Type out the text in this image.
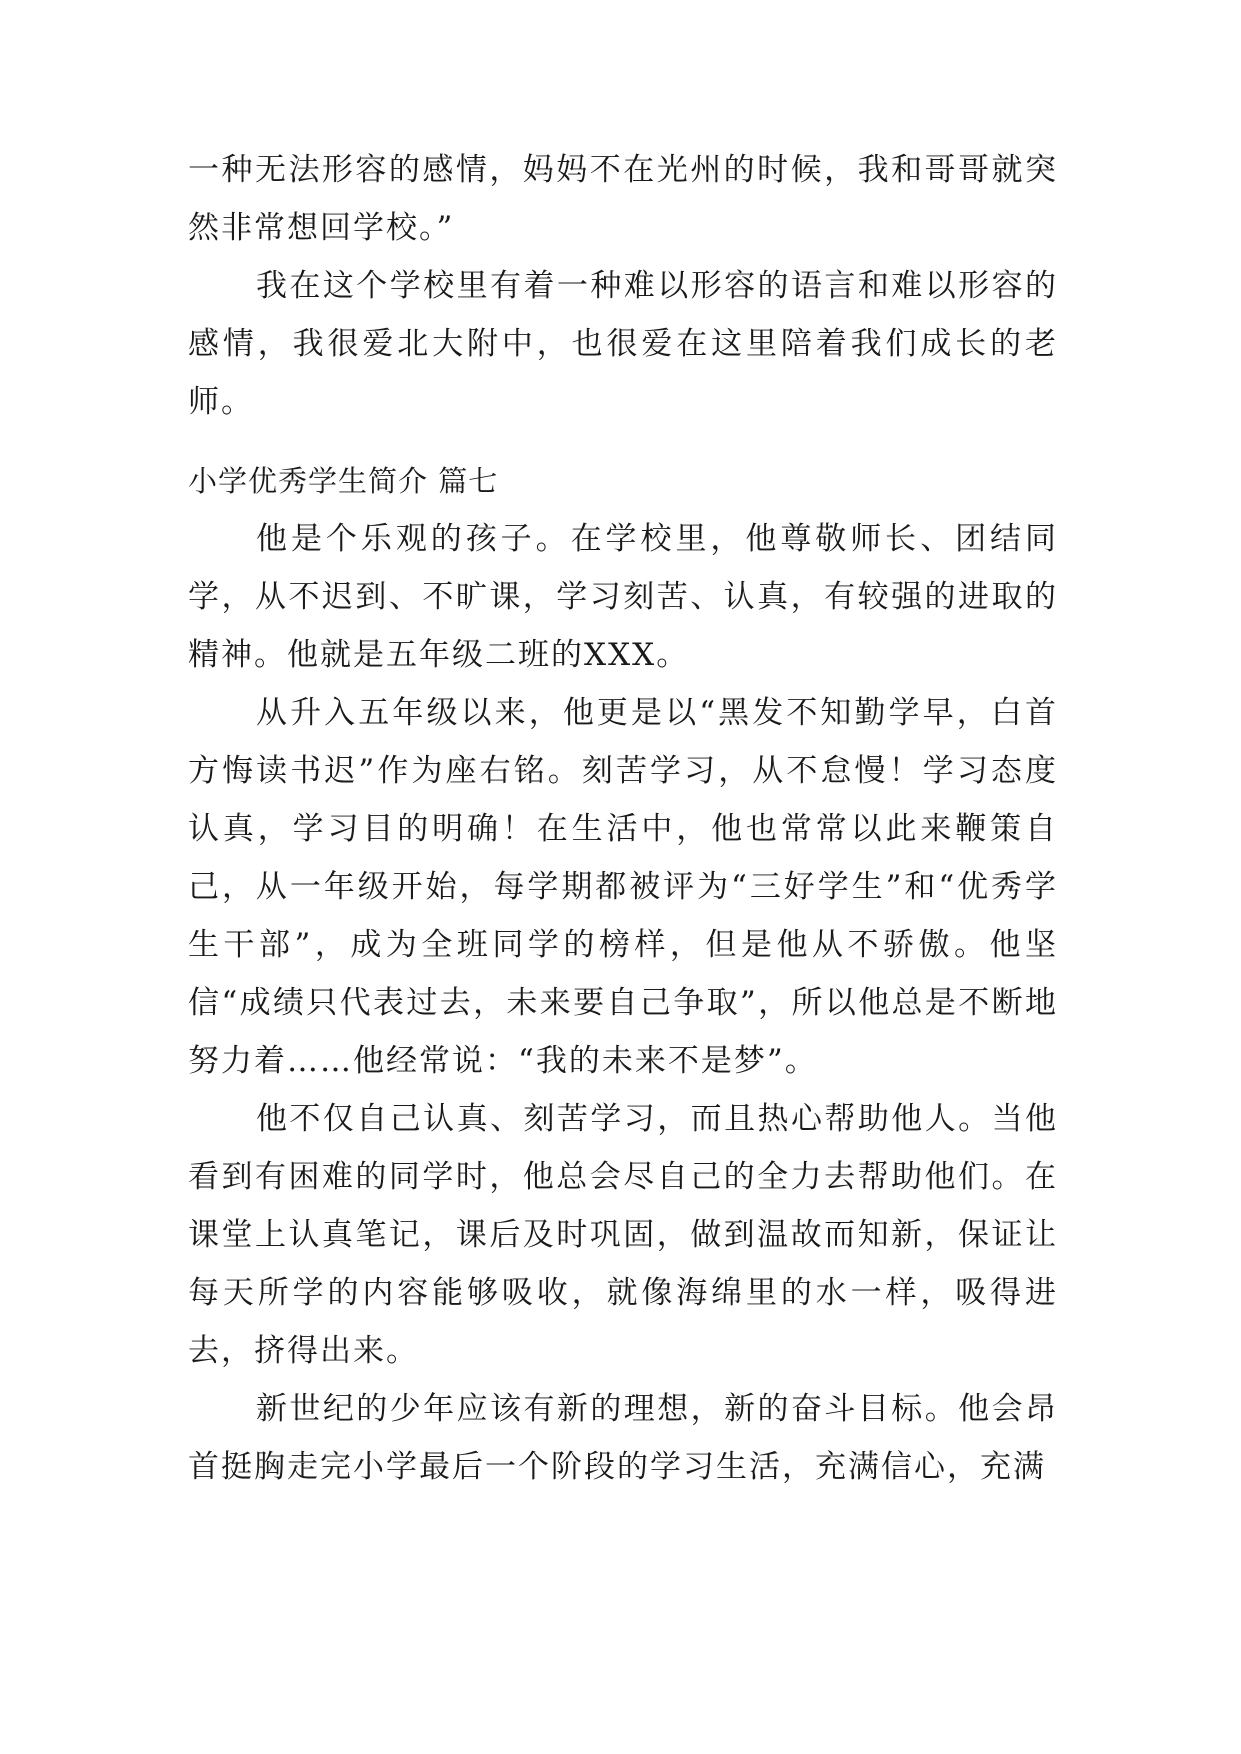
一种无法形容的感情，妈妈不在光州的时候，我和哥哥就突然非常想回学校。”

我在这个学校里有着一种难以形容的语言和难以形容的感情，我很爱北大附中，也很爱在这里陪着我们成长的老师。

小学优秀学生简介 篇七

他是个乐观的孩子。在学校里，他尊敬师长、团结同学，从不迟到、不旷课，学习刻苦、认真，有较强的进取的精神。他就是五年级二班的XXX。

从升入五年级以来，他更是以“黑发不知勤学早，白首方悔读书迟”作为座右铭。刻苦学习，从不怠慢！学习态度认真，学习目的明确！在生活中，他也常常以此来鞭策自己，从一年级开始，每学期都被评为“三好学生”和“优秀学生干部”，成为全班同学的榜样，但是他从不骄傲。他坚信“成绩只代表过去，未来要自己争取”，所以他总是不断地努力着……他经常说：“我的未来不是梦”。

他不仅自己认真、刻苦学习，而且热心帮助他人。当他看到有困难的同学时，他总会尽自己的全力去帮助他们。在课堂上认真笔记，课后及时巩固，做到温故而知新，保证让每天所学的内容能够吸收，就像海绵里的水一样，吸得进去，挤得出来。

新世纪的少年应该有新的理想，新的奋斗目标。他会昂首挺胸走完小学最后一个阶段的学习生活，充满信心，充满
